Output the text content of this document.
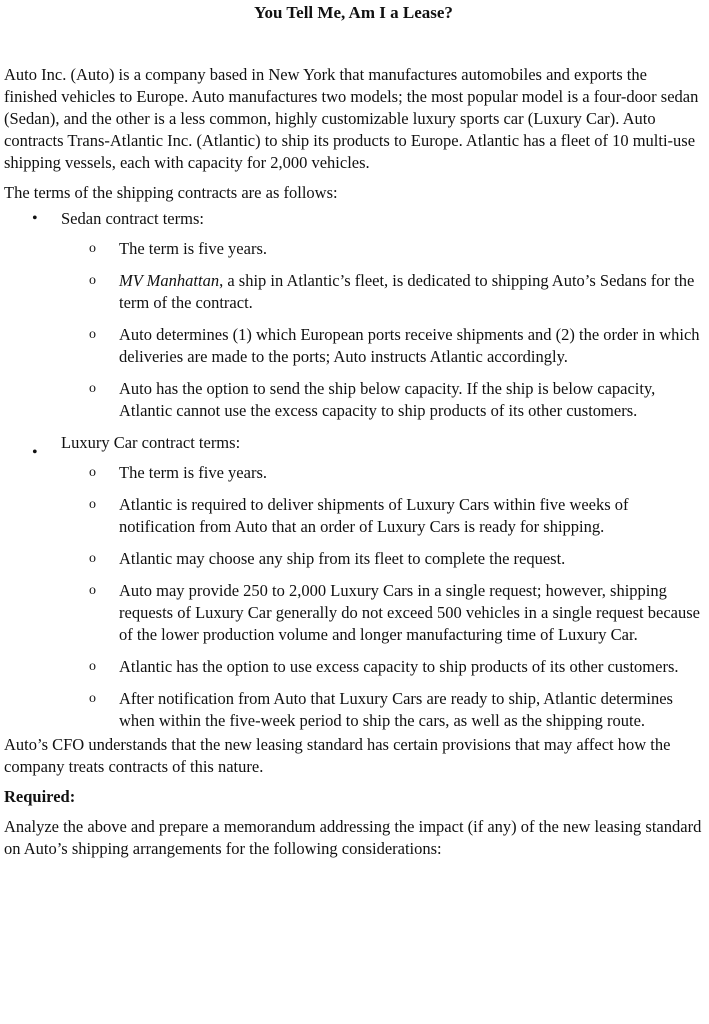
You Tell Me, Am I a Lease?

Auto Inc. (Auto) is a company based in New York that manufactures automobiles and exports the finished vehicles to Europe. Auto manufactures two models; the most popular model is a four-door sedan (Sedan), and the other is a less common, highly customizable luxury sports car (Luxury Car). Auto contracts Trans-Atlantic Inc. (Atlantic) to ship its products to Europe. Atlantic has a fleet of 10 multi-use shipping vessels, each with capacity for 2,000 vehicles.

The terms of the shipping contracts are as follows:

• Sedan contract terms:
o The term is five years.
o MV Manhattan, a ship in Atlantic’s fleet, is dedicated to shipping Auto’s Sedans for the term of the contract.
o Auto determines (1) which European ports receive shipments and (2) the order in which deliveries are made to the ports; Auto instructs Atlantic accordingly.
o Auto has the option to send the ship below capacity. If the ship is below capacity, Atlantic cannot use the excess capacity to ship products of its other customers.
•
Luxury Car contract terms:
o The term is five years.
o Atlantic is required to deliver shipments of Luxury Cars within five weeks of notification from Auto that an order of Luxury Cars is ready for shipping.
o Atlantic may choose any ship from its fleet to complete the request.
o Auto may provide 250 to 2,000 Luxury Cars in a single request; however, shipping requests of Luxury Car generally do not exceed 500 vehicles in a single request because of the lower production volume and longer manufacturing time of Luxury Car.
o Atlantic has the option to use excess capacity to ship products of its other customers.
o After notification from Auto that Luxury Cars are ready to ship, Atlantic determines when within the five-week period to ship the cars, as well as the shipping route.

Auto’s CFO understands that the new leasing standard has certain provisions that may affect how the company treats contracts of this nature.

Required:

Analyze the above and prepare a memorandum addressing the impact (if any) of the new leasing standard on Auto’s shipping arrangements for the following considerations:
